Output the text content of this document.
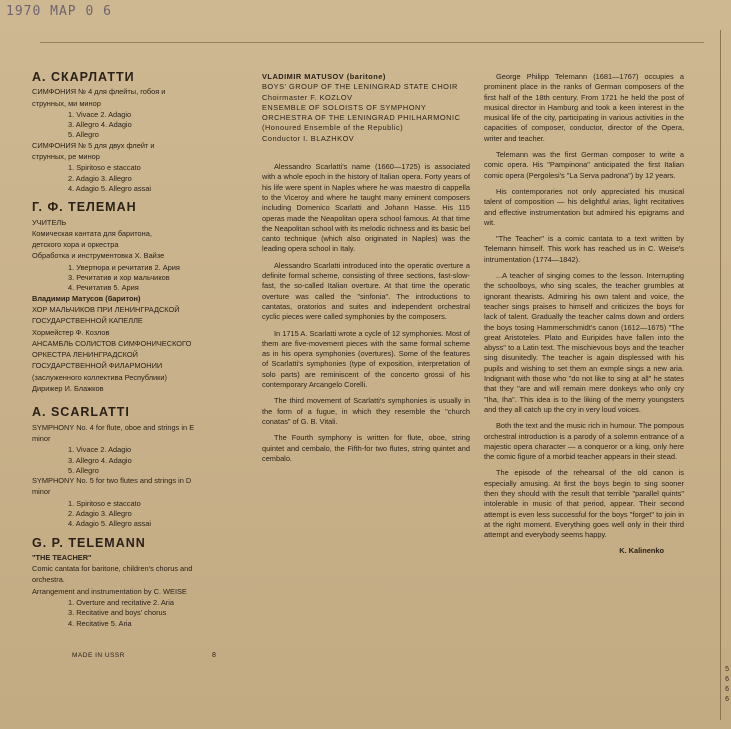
1970 МАР 0 6
5
6
6
6
А. СКАРЛАТТИ

СИМФОНИЯ № 4 для флейты, гобоя и

струнных, ми минор

1. Vivace 2. Adagio

3. Allegro 4. Adagio

5. Allegro

СИМФОНИЯ № 5 для двух флейт и

струнных, ре минор

1. Spiritoso e staccato

2. Adagio 3. Allegro

4. Adagio 5. Allegro assai

Г. Ф. ТЕЛЕМАН

УЧИТЕЛЬ

Комическая кантата для баритона,

детского хора и оркестра

Обработка и инструментовка Х. Вайзе

1. Увертюра и речитатив 2. Ария

3. Речитатив и хор мальчиков

4. Речитатив 5. Ария

Владимир Матусов (баритон)

ХОР МАЛЬЧИКОВ ПРИ ЛЕНИНГРАДСКОЙ

ГОСУДАРСТВЕННОЙ КАПЕЛЛЕ

Хормейстер Ф. Козлов

АНСАМБЛЬ СОЛИСТОВ СИМФОНИЧЕСКОГО

ОРКЕСТРА ЛЕНИНГРАДСКОЙ

ГОСУДАРСТВЕННОЙ ФИЛАРМОНИИ

(заслуженного коллектива Республики)

Дирижер И. Блажков

A. SCARLATTI

SYMPHONY No. 4 for flute, oboe and strings in E

minor

1. Vivace 2. Adagio

3. Allegro 4. Adagio

5. Allegro

SYMPHONY No. 5 for two flutes and strings in D

minor

1. Spiritoso e staccato

2. Adagio 3. Allegro

4. Adagio 5. Allegro assai

G. P. TELEMANN

"THE TEACHER"

Comic cantata for baritone, children's chorus and

orchestra.

Arrangement and instrumentation by C. WEISE

1. Overture and recitative 2. Aria

3. Recitative and boys' chorus

4. Recitative 5. Aria

VLADIMIR MATUSOV (baritone)

BOYS' GROUP OF THE LENINGRAD STATE CHOIR

Choirmaster F. KOZLOV

ENSEMBLE OF SOLOISTS OF SYMPHONY

ORCHESTRA OF THE LENINGRAD PHILHARMONIC

(Honoured Ensemble of the Republic)

Conductor I. BLAZHKOV

Alessandro Scarlatti's name (1660—1725) is associated with a whole epoch in the history of Italian opera. Forty years of his life were spent in Naples where he was maestro di cappella to the Viceroy and where he taught many eminent composers including Domenico Scarlatti and Johann Hasse. His 115 operas made the Neapolitan opera school famous. At that time the Neapolitan school with its melodic richness and its basic bel canto technique (which also originated in Naples) was the leading opera school in Italy.

Alessandro Scarlatti introduced into the operatic overture a definite formal scheme, consisting of three sections, fast-slow-fast, the so-called Italian overture. At that time the operatic overture was called the "sinfonia". The introductions to cantatas, oratorios and suites and independent orchestral cyclic pieces were called symphonies by the composers.

In 1715 A. Scarlatti wrote a cycle of 12 symphonies. Most of them are five-movement pieces with the same formal scheme as in his opera symphonies (overtures). Some of the features of Scarlatti's symphonies (type of exposition, interpretation of solo parts) are reminiscent of the concerto grossi of his contemporary Arcangelo Corelli.

The third movement of Scarlatti's symphonies is usually in the form of a fugue, in which they resemble the "church conatas" of G. B. Vitali.

The Fourth symphony is written for flute, oboe, string quintet and cembalo, the Fifth-for two flutes, string quintet and cembalo.

George Philipp Telemann (1681—1767) occupies a prominent place in the ranks of German composers of the first half of the 18th century. From 1721 he held the post of musical director in Hamburg and took a keen interest in the musical life of the city, participating in various activities in the capacities of composer, conductor, director of the Opera, writer and teacher.

Telemann was the first German composer to write a comic opera. His "Pampinona" anticipated the first Italian comic opera (Pergolesi's "La Serva padrona") by 12 years.

His contemporaries not only appreciated his musical talent of composition — his delightful arias, light recitatives and effective instrumentation but admired his epigrams and wit.

"The Teacher" is a comic cantata to a text written by Telemann himself. This work has reached us in C. Weise's intrumentation (1774—1842).

...A teacher of singing comes to the lesson. Interrupting the schoolboys, who sing scales, the teacher grumbles at ignorant thearists. Admiring his own talent and voice, the teacher sings praises to himself and criticizes the boys for lack of talent. Gradually the teacher calms down and orders the boys tosing Hammerschmidt's canon (1612—1675) "The great Aristoteles. Plato and Euripides have fallen into the abyss" to a Latin text. The mischievous boys and the teacher sing disunitedly. The teacher is again displessed with his pupils and wishing to set them an exmple sings a new aria. Indignant with those who "do not like to sing at all" he states that they "are and will remain mere donkeys who only cry "Iha, Iha". This idea is to the liking of the merry youngsters and they all catch up the cry in very loud voices.

Both the text and the music rich in humour. The pompous orchestral introduction is a parody of a solemn entrance of a majestic opera character — a conqueror or a king, only here the comic figure of a morbid teacher appears in their stead.

The episode of the rehearsal of the old canon is especially amusing. At first the boys begin to sing sooner then they should with the result that terrible "parallel quints" intolerable in music of that period, appear. Their second attempt is even less successful for the boys "forget" to join in at the right moment. Everything goes well only in their third attempt and everybody seems happy.

K. Kalinenko
MADE IN USSR	8
